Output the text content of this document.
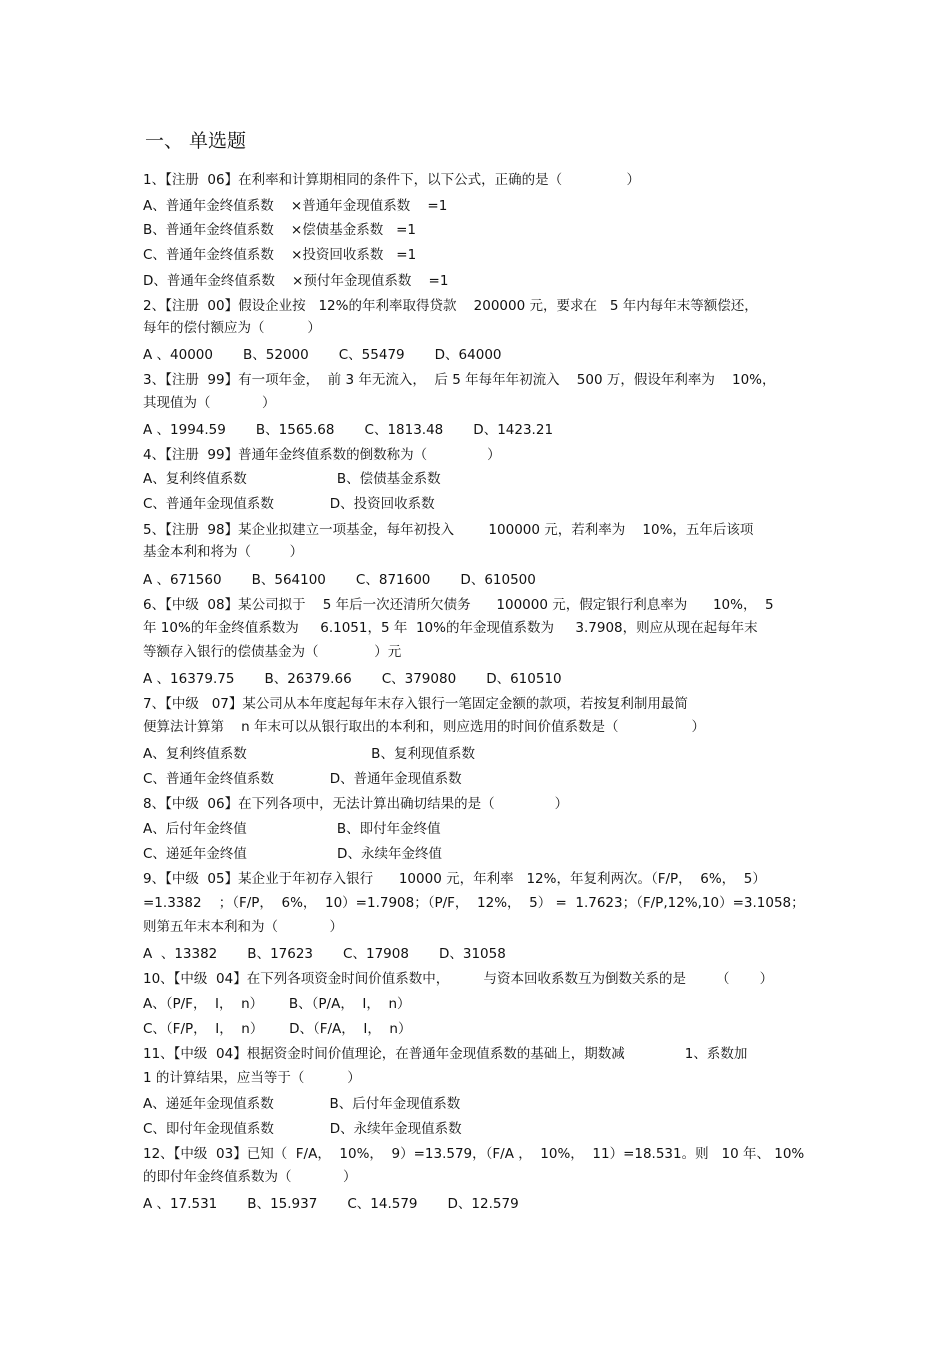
一、 单选题
1、【注册  06】在利率和计算期相同的条件下，以下公式，正确的是（               ）
A、普通年金终值系数    ×普通年金现值系数    =1
B、普通年金终值系数    ×偿债基金系数   =1
C、普通年金终值系数    ×投资回收系数   =1
D、普通年金终值系数    ×预付年金现值系数    =1
2、【注册  00】假设企业按   12%的年利率取得贷款    200000 元，要求在   5 年内每年末等额偿还，
每年的偿付额应为（          ）
A 、40000       B、52000       C、55479       D、64000
3、【注册  99】有一项年金，  前 3 年无流入，  后 5 年每年年初流入    500 万，假设年利率为    10%，
其现值为（            ）
A 、1994.59       B、1565.68       C、1813.48       D、1423.21
4、【注册  99】普通年金终值系数的倒数称为（              ）
A、复利终值系数                     B、偿债基金系数
C、普通年金现值系数             D、投资回收系数
5、【注册  98】某企业拟建立一项基金，每年初投入        100000 元，若利率为    10%，五年后该项
基金本利和将为（         ）
A 、671560       B、564100       C、871600       D、610500
6、【中级  08】某公司拟于    5 年后一次还清所欠债务      100000 元，假定银行利息率为      10%，  5
年 10%的年金终值系数为     6.1051，5 年  10%的年金现值系数为     3.7908，则应从现在起每年末
等额存入银行的偿债基金为（             ）元
A 、16379.75       B、26379.66       C、379080       D、610510
7、【中级   07】某公司从本年度起每年末存入银行一笔固定金额的款项，若按复利制用最简
便算法计算第    n 年末可以从银行取出的本利和，则应选用的时间价值系数是（                 ）
A、复利终值系数                             B、复利现值系数
C、普通年金终值系数             D、普通年金现值系数
8、【中级  06】在下列各项中，无法计算出确切结果的是（              ）
A、后付年金终值                     B、即付年金终值
C、递延年金终值                     D、永续年金终值
9、【中级  05】某企业于年初存入银行      10000 元，年利率   12%，年复利两次。（F/P，  6%，  5）
=1.3382    ；（F/P，  6%，  10）=1.7908；（P/F，  12%，  5） =  1.7623；（F/P,12%,10）=3.1058；
则第五年末本利和为（            ）
A  、13382       B、17623       C、17908       D、31058
10、【中级  04】在下列各项资金时间价值系数中，        与资本回收系数互为倒数关系的是       （       ）
A、（P/F，  I，  n）      B、（P/A，  I，  n）
C、（F/P，  I，  n）      D、（F/A，  I，  n）
11、【中级  04】根据资金时间价值理论，在普通年金现值系数的基础上，期数减              1、系数加
1 的计算结果，应当等于（          ）
A、递延年金现值系数             B、后付年金现值系数
C、即付年金现值系数             D、永续年金现值系数
12、【中级  03】已知（  F/A，  10%，  9）=13.579，（F/A ，  10%，  11）=18.531。则   10 年、 10%
的即付年金终值系数为（            ）
A 、17.531       B、15.937       C、14.579       D、12.579
